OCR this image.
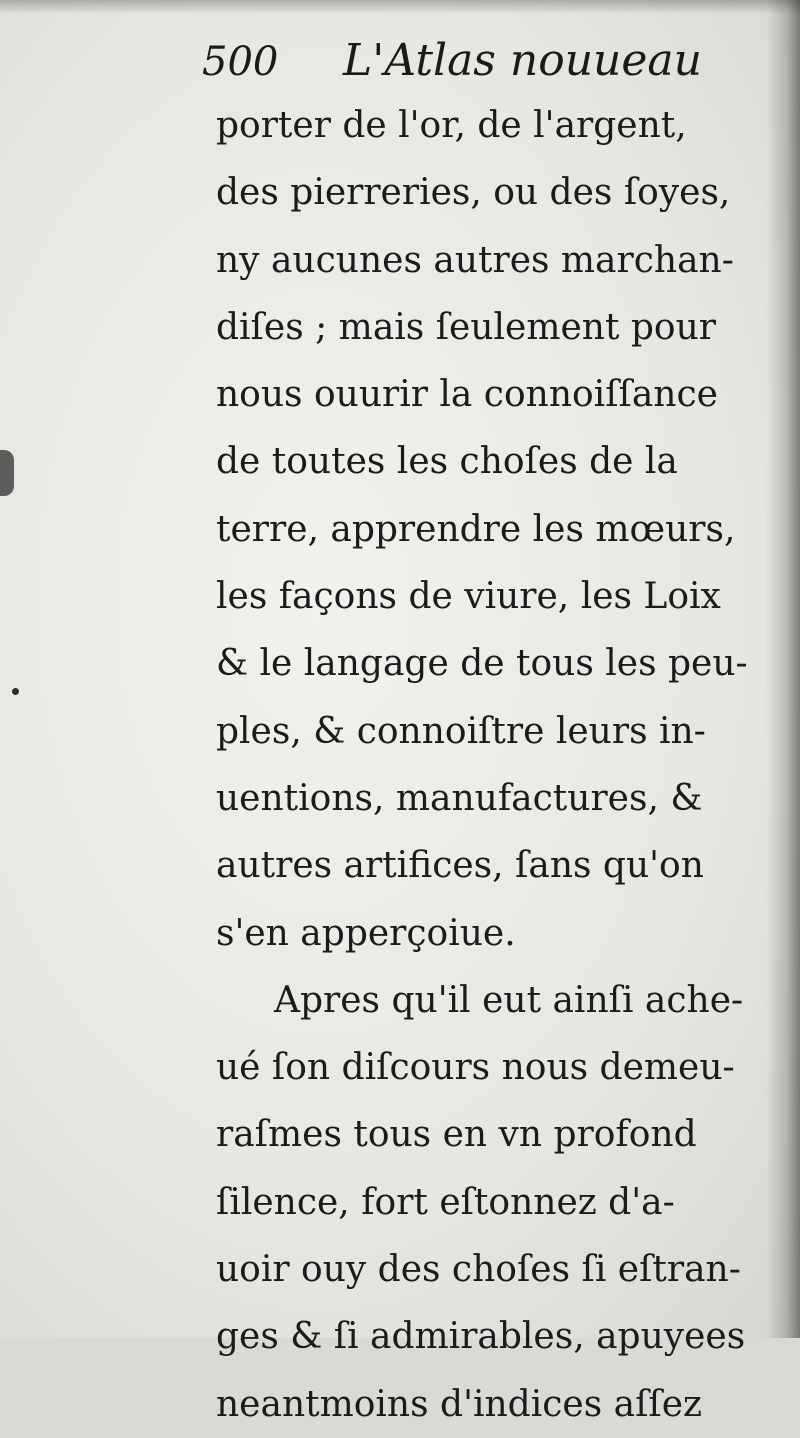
500 L'Atlas nouueau
porter de l'or, de l'argent,
des pierreries, ou des ſoyes,
ny aucunes autres marchan-
diſes ; mais ſeulement pour
nous ouurir la connoiſſance
de toutes les choſes de la
terre, apprendre les mœurs,
les façons de viure, les Loix
& le langage de tous les peu-
ples, & connoiſtre leurs in-
uentions, manufactures, &
autres artifices, ſans qu'on
s'en apperçoiue.
Apres qu'il eut ainſi ache-
ué ſon diſcours nous demeu-
raſmes tous en vn profond
ſilence, fort eſtonnez d'a-
uoir ouy des choſes ſi eſtran-
ges & ſi admirables, apuyees
neantmoins d'indices aſſez
